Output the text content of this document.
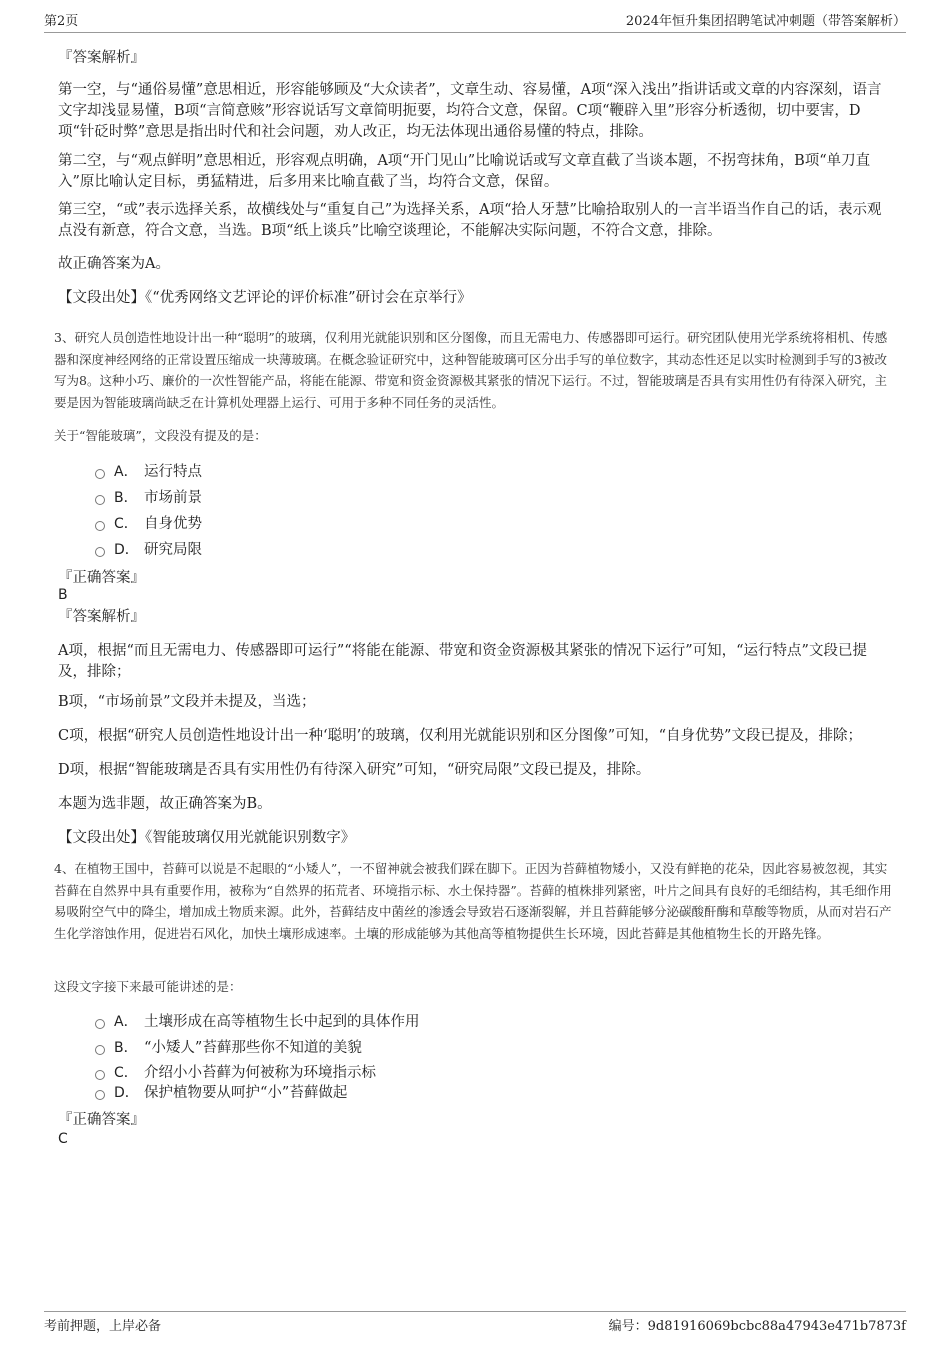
第2页	2024年恒升集团招聘笔试冲刺题（带答案解析）
『答案解析』

第一空，与“通俗易懂”意思相近，形容能够顾及“大众读者”，文章生动、容易懂，A项“深入浅出”指讲话或文章的内容深刻，语言文字却浅显易懂，B项“言简意赅”形容说话写文章简明扼要，均符合文意，保留。C项“鞭辟入里”形容分析透彻，切中要害，D项“针砭时弊”意思是指出时代和社会问题，劝人改正，均无法体现出通俗易懂的特点，排除。

第二空，与“观点鲜明”意思相近，形容观点明确，A项“开门见山”比喻说话或写文章直截了当谈本题，不拐弯抹角，B项“单刀直入”原比喻认定目标，勇猛精进，后多用来比喻直截了当，均符合文意，保留。

第三空，“或”表示选择关系，故横线处与“重复自己”为选择关系，A项“拾人牙慧”比喻拾取别人的一言半语当作自己的话，表示观点没有新意，符合文意，当选。B项“纸上谈兵”比喻空谈理论，不能解决实际问题，不符合文意，排除。

故正确答案为A。
【文段出处】《“优秀网络文艺评论的评价标准”研讨会在京举行》

3、研究人员创造性地设计出一种“聪明”的玻璃，仅利用光就能识别和区分图像，而且无需电力、传感器即可运行。研究团队使用光学系统将相机、传感器和深度神经网络的正常设置压缩成一块薄玻璃。在概念验证研究中，这种智能玻璃可区分出手写的单位数字，其动态性还足以实时检测到手写的3被改写为8。这种小巧、廉价的一次性智能产品，将能在能源、带宽和资金资源极其紧张的情况下运行。不过，智能玻璃是否具有实用性仍有待深入研究，主要是因为智能玻璃尚缺乏在计算机处理器上运行、可用于多种不同任务的灵活性。

关于“智能玻璃”，文段没有提及的是：
A． 运行特点
B． 市场前景
C． 自身优势
D． 研究局限
『正确答案』
B
『答案解析』

A项，根据“而且无需电力、传感器即可运行”“将能在能源、带宽和资金资源极其紧张的情况下运行”可知，“运行特点”文段已提及，排除；

B项，“市场前景”文段并未提及，当选；

C项，根据“研究人员创造性地设计出一种‘聪明’的玻璃，仅利用光就能识别和区分图像”可知，“自身优势”文段已提及，排除；

D项，根据“智能玻璃是否具有实用性仍有待深入研究”可知，“研究局限”文段已提及，排除。

本题为选非题，故正确答案为B。
【文段出处】《智能玻璃仅用光就能识别数字》

4、在植物王国中，苔藓可以说是不起眼的“小矮人”，一不留神就会被我们踩在脚下。正因为苔藓植物矮小，又没有鲜艳的花朵，因此容易被忽视，其实苔藓在自然界中具有重要作用，被称为“自然界的拓荒者、环境指示标、水土保持器”。苔藓的植株排列紧密，叶片之间具有良好的毛细结构，其毛细作用易吸附空气中的降尘，增加成土物质来源。此外，苔藓结皮中菌丝的渗透会导致岩石逐渐裂解，并且苔藓能够分泌碳酸酐酶和草酸等物质，从而对岩石产生化学溶蚀作用，促进岩石风化，加快土壤形成速率。土壤的形成能够为其他高等植物提供生长环境，因此苔藓是其他植物生长的开路先锋。

这段文字接下来最可能讲述的是：
A． 土壤形成在高等植物生长中起到的具体作用
B． “小矮人”苔藓那些你不知道的美貌
C． 介绍小小苔藓为何被称为环境指示标
D． 保护植物要从呵护“小”苔藓做起
『正确答案』
C
考前押题，上岸必备	编号：9d81916069bcbc88a47943e471b7873f
